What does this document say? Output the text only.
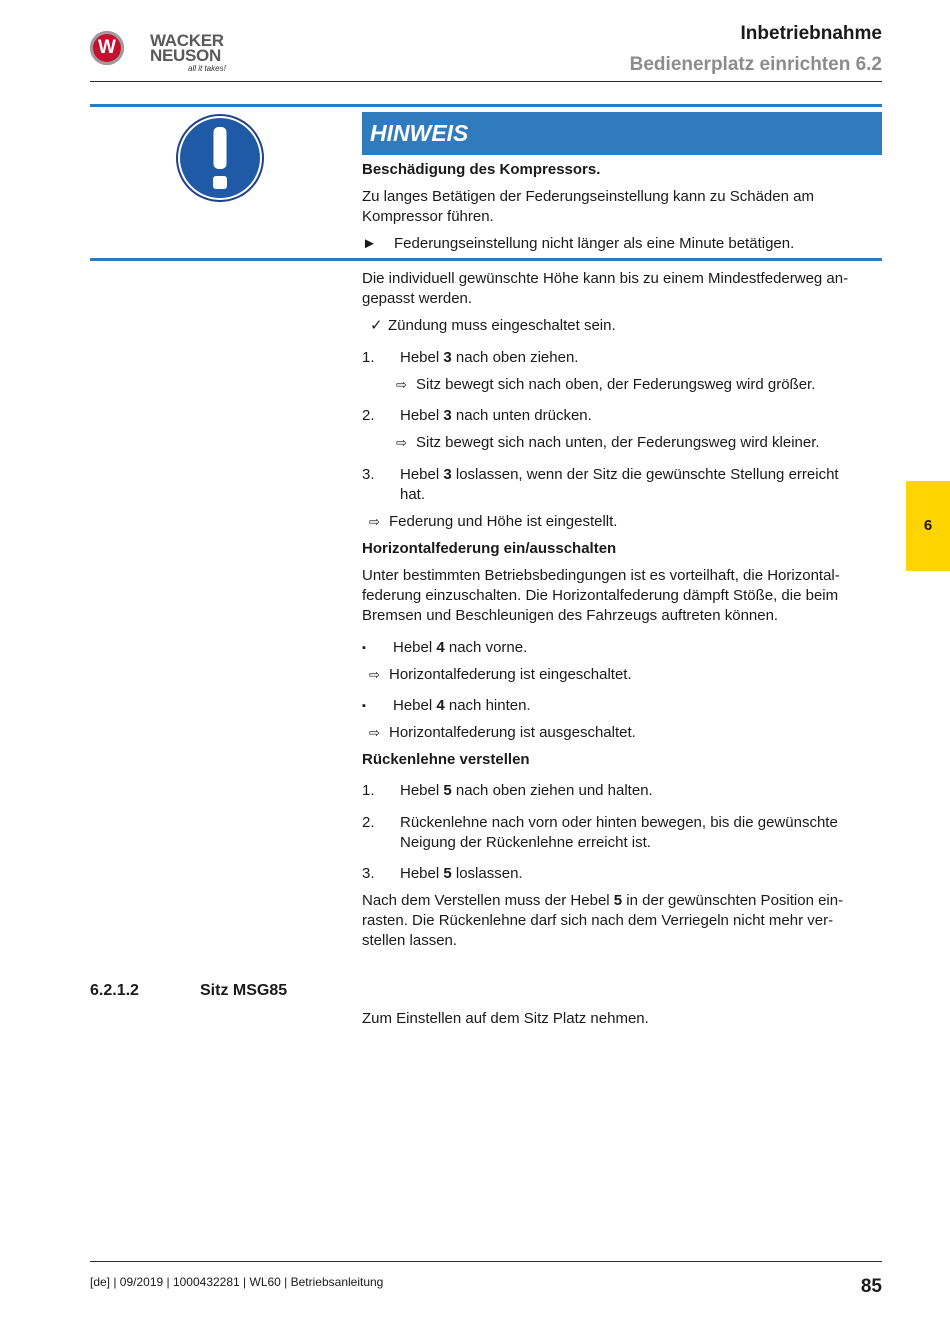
W	WACKER
NEUSON
all it takes!
Inbetriebnahme
Bedienerplatz einrichten 6.2
HINWEIS
Beschädigung des Kompressors.
Zu langes Betätigen der Federungseinstellung kann zu Schäden am
Kompressor führen.
► Federungseinstellung nicht länger als eine Minute betätigen.
Die individuell gewünschte Höhe kann bis zu einem Mindestfederweg an-
gepasst werden.
✓ Zündung muss eingeschaltet sein.
1. Hebel 3 nach oben ziehen.
⇨ Sitz bewegt sich nach oben, der Federungsweg wird größer.
2. Hebel 3 nach unten drücken.
⇨ Sitz bewegt sich nach unten, der Federungsweg wird kleiner.
3. Hebel 3 loslassen, wenn der Sitz die gewünschte Stellung erreicht
hat.
⇨ Federung und Höhe ist eingestellt.
Horizontalfederung ein/ausschalten
Unter bestimmten Betriebsbedingungen ist es vorteilhaft, die Horizontal-
federung einzuschalten. Die Horizontalfederung dämpft Stöße, die beim
Bremsen und Beschleunigen des Fahrzeugs auftreten können.
▪ Hebel 4 nach vorne.
⇨ Horizontalfederung ist eingeschaltet.
▪ Hebel 4 nach hinten.
⇨ Horizontalfederung ist ausgeschaltet.
Rückenlehne verstellen
1. Hebel 5 nach oben ziehen und halten.
2. Rückenlehne nach vorn oder hinten bewegen, bis die gewünschte
Neigung der Rückenlehne erreicht ist.
3. Hebel 5 loslassen.
Nach dem Verstellen muss der Hebel 5 in der gewünschten Position ein-
rasten. Die Rückenlehne darf sich nach dem Verriegeln nicht mehr ver-
stellen lassen.
6.2.1.2	Sitz MSG85
Zum Einstellen auf dem Sitz Platz nehmen.
6
[de] | 09/2019 | 1000432281 | WL60 | Betriebsanleitung	85
